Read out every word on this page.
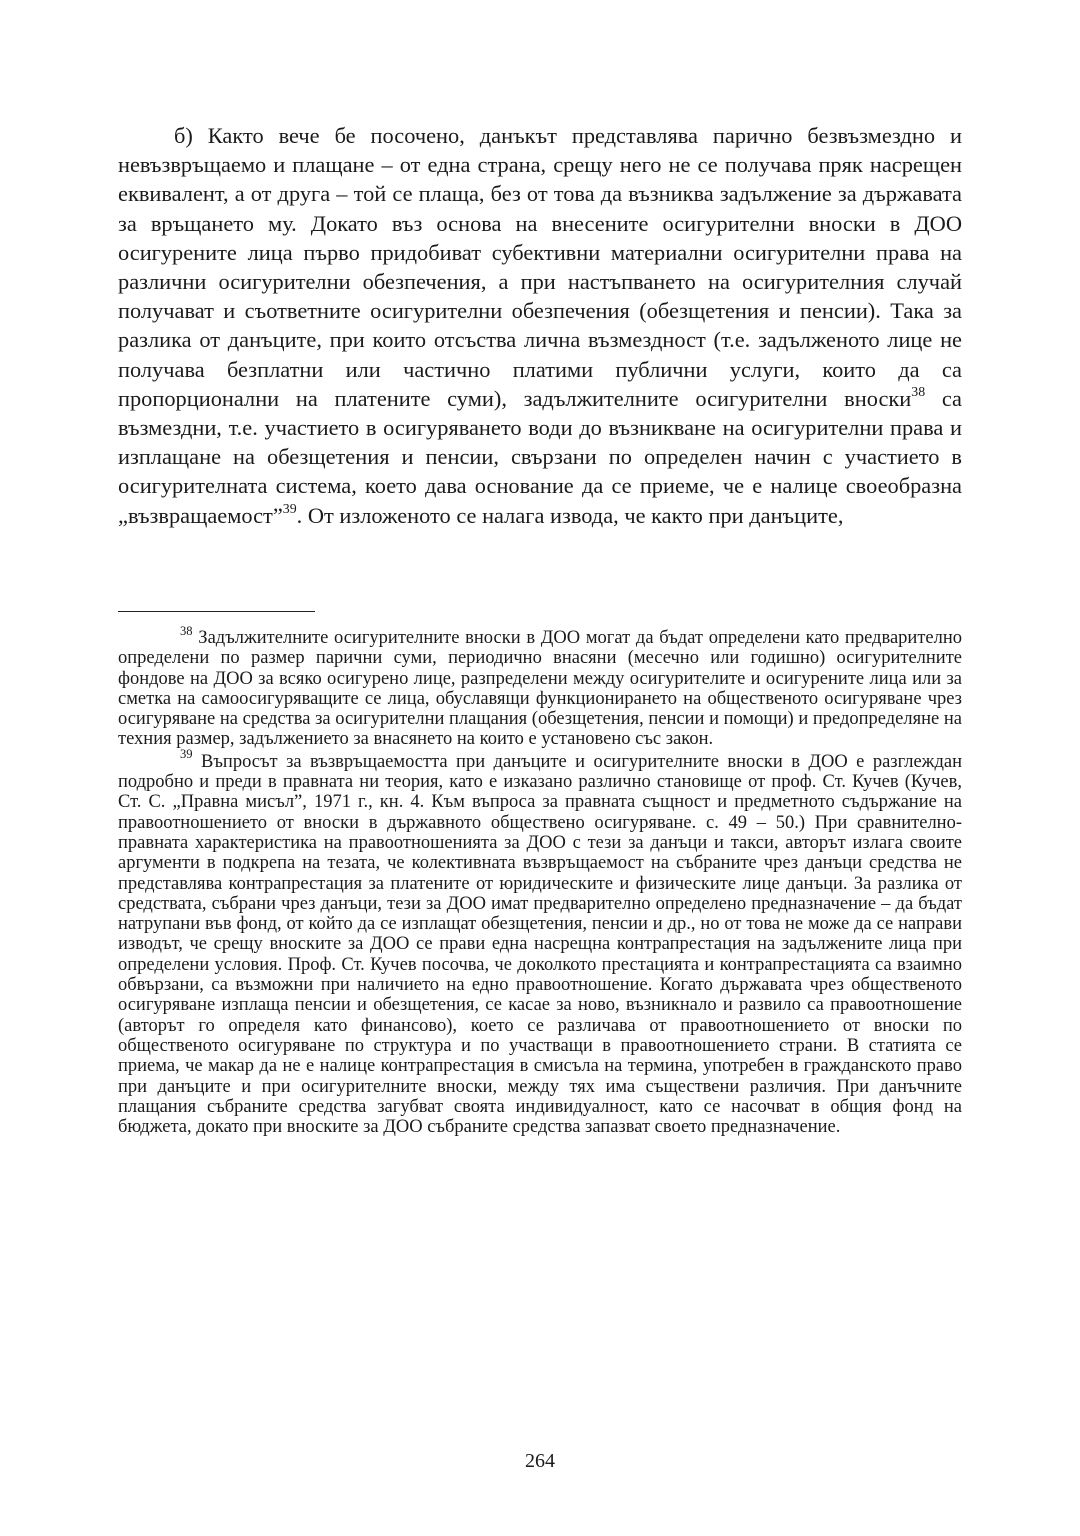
б) Както вече бе посочено, данъкът представлява парично безвъзмездно и невъзвръщаемо и плащане – от една страна, срещу него не се получава пряк насрещен еквивалент, а от друга – той се плаща, без от това да възниква задължение за държавата за връщането му. Докато въз основа на внесените осигурителни вноски в ДОО осигурените лица първо придобиват субективни материални осигурителни права на различни осигурителни обезпечения, а при настъпването на осигурителния случай получават и съответните осигурителни обезпечения (обезщетения и пенсии). Така за разлика от данъците, при които отсъства лична възмездност (т.е. задълженото лице не получава безплатни или частично платими публични услуги, които да са пропорционални на платените суми), задължителните осигурителни вноски$^{38}$ са възмездни, т.е. участието в осигуряването води до възникване на осигурителни права и изплащане на обезщетения и пенсии, свързани по определен начин с участието в осигурителната система, което дава основание да се приеме, че е налице своеобразна „възвращаемост”$^{39}$. От изложеното се налага извода, че както при данъците,

$^{38}$ Задължителните осигурителните вноски в ДОО могат да бъдат определени като предварително определени по размер парични суми, периодично внасяни (месечно или годишно) осигурителните фондове на ДОО за всяко осигурено лице, разпределени между осигурителите и осигурените лица или за сметка на самоосигуряващите се лица, обуславящи функционирането на общественото осигуряване чрез осигуряване на средства за осигурителни плащания (обезщетения, пенсии и помощи) и предопределяне на техния размер, задължението за внасянето на които е установено със закон.

$^{39}$ Въпросът за възвръщаемостта при данъците и осигурителните вноски в ДОО е разглеждан подробно и преди в правната ни теория, като е изказано различно становище от проф. Ст. Кучев (Кучев, Ст. С. „Правна мисъл”, 1971 г., кн. 4. Към въпроса за правната същност и предметното съдържание на правоотношението от вноски в държавното обществено осигуряване. с. 49 – 50.) При сравнително-правната характеристика на правоотношенията за ДОО с тези за данъци и такси, авторът излага своите аргументи в подкрепа на тезата, че колективната възвръщаемост на събраните чрез данъци средства не представлява контрапрестация за платените от юридическите и физическите лице данъци. За разлика от средствата, събрани чрез данъци, тези за ДОО имат предварително определено предназначение – да бъдат натрупани във фонд, от който да се изплащат обезщетения, пенсии и др., но от това не може да се направи изводът, че срещу вноските за ДОО се прави една насрещна контрапрестация на задължените лица при определени условия. Проф. Ст. Кучев посочва, че доколкото престацията и контрапрестацията са взаимно обвързани, са възможни при наличието на едно правоотношение. Когато държавата чрез общественото осигуряване изплаща пенсии и обезщетения, се касае за ново, възникнало и развило са правоотношение (авторът го определя като финансово), което се различава от правоотношението от вноски по общественото осигуряване по структура и по участващи в правоотношението страни. В статията се приема, че макар да не е налице контрапрестация в смисъла на термина, употребен в гражданското право при данъците и при осигурителните вноски, между тях има съществени различия. При данъчните плащания събраните средства загубват своята индивидуалност, като се насочват в общия фонд на бюджета, докато при вноските за ДОО събраните средства запазват своето предназначение.

264
